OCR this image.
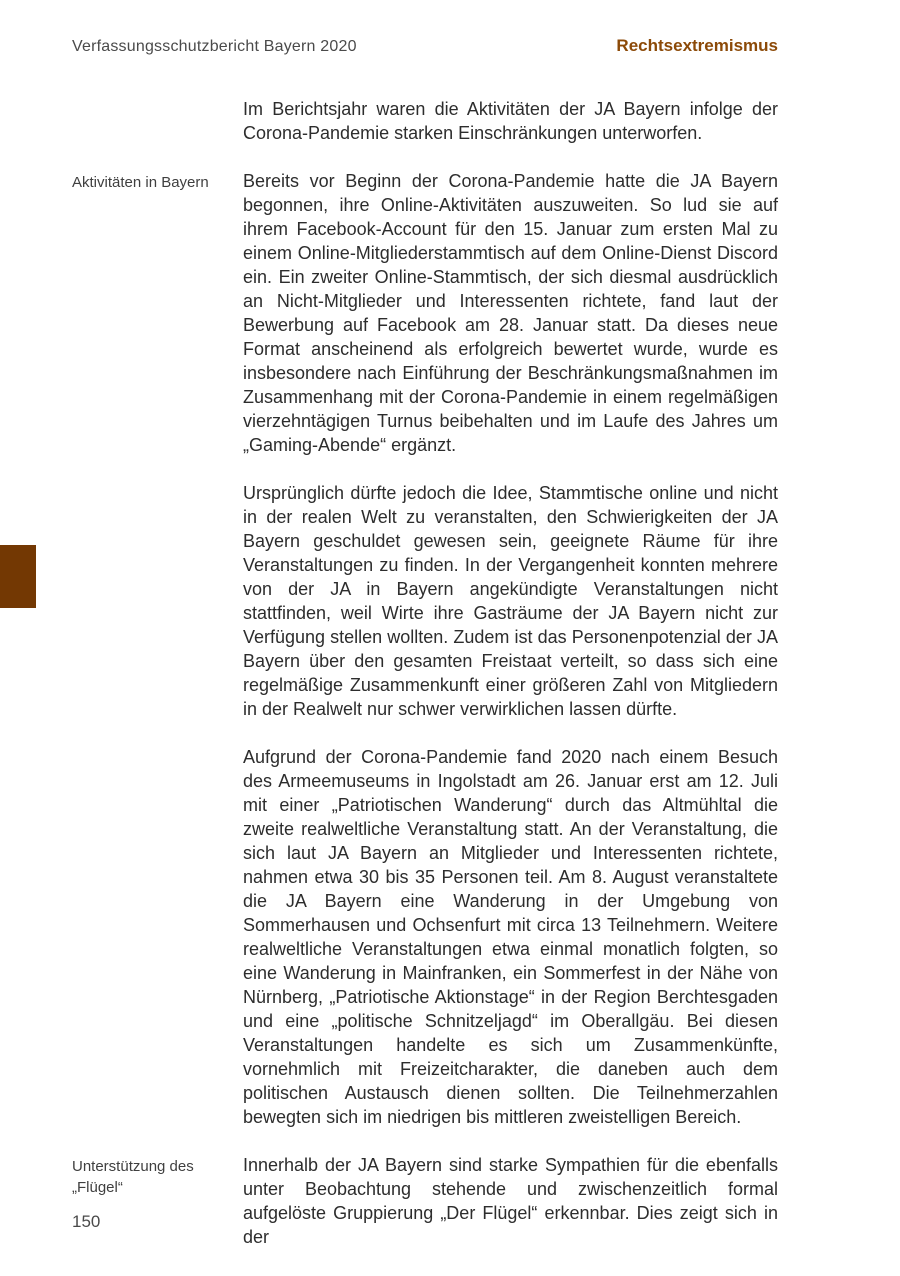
Verfassungsschutzbericht Bayern 2020	Rechtsextremismus

Im Berichtsjahr waren die Aktivitäten der JA Bayern infolge der Corona-Pandemie starken Einschränkungen unterworfen.

Aktivitäten in Bayern	Bereits vor Beginn der Corona-Pandemie hatte die JA Bayern begonnen, ihre Online-Aktivitäten auszuweiten. So lud sie auf ihrem Facebook-Account für den 15. Januar zum ersten Mal zu einem Online-Mitgliederstammtisch auf dem Online-Dienst Discord ein. Ein zweiter Online-Stammtisch, der sich diesmal ausdrücklich an Nicht-Mitglieder und Interessenten richtete, fand laut der Bewerbung auf Facebook am 28. Januar statt. Da dieses neue Format anscheinend als erfolgreich bewertet wurde, wurde es insbesondere nach Einführung der Beschränkungsmaßnahmen im Zusammenhang mit der Corona-Pandemie in einem regelmäßigen vierzehntägigen Turnus beibehalten und im Laufe des Jahres um „Gaming-Abende“ ergänzt.

Ursprünglich dürfte jedoch die Idee, Stammtische online und nicht in der realen Welt zu veranstalten, den Schwierigkeiten der JA Bayern geschuldet gewesen sein, geeignete Räume für ihre Veranstaltungen zu finden. In der Vergangenheit konnten mehrere von der JA in Bayern angekündigte Veranstaltungen nicht stattfinden, weil Wirte ihre Gasträume der JA Bayern nicht zur Verfügung stellen wollten. Zudem ist das Personenpotenzial der JA Bayern über den gesamten Freistaat verteilt, so dass sich eine regelmäßige Zusammenkunft einer größeren Zahl von Mitgliedern in der Realwelt nur schwer verwirklichen lassen dürfte.

Aufgrund der Corona-Pandemie fand 2020 nach einem Besuch des Armeemuseums in Ingolstadt am 26. Januar erst am 12. Juli mit einer „Patriotischen Wanderung“ durch das Altmühltal die zweite realweltliche Veranstaltung statt. An der Veranstaltung, die sich laut JA Bayern an Mitglieder und Interessenten richtete, nahmen etwa 30 bis 35 Personen teil. Am 8. August veranstaltete die JA Bayern eine Wanderung in der Umgebung von Sommerhausen und Ochsenfurt mit circa 13 Teilnehmern. Weitere realweltliche Veranstaltungen etwa einmal monatlich folgten, so eine Wanderung in Mainfranken, ein Sommerfest in der Nähe von Nürnberg, „Patriotische Aktionstage“ in der Region Berchtesgaden und eine „politische Schnitzeljagd“ im Oberallgäu. Bei diesen Veranstaltungen handelte es sich um Zusammenkünfte, vornehmlich mit Freizeitcharakter, die daneben auch dem politischen Austausch dienen sollten. Die Teilnehmerzahlen bewegten sich im niedrigen bis mittleren zweistelligen Bereich.

Unterstützung des „Flügel“

Innerhalb der JA Bayern sind starke Sympathien für die ebenfalls unter Beobachtung stehende und zwischenzeitlich formal aufgelöste Gruppierung „Der Flügel“ erkennbar. Dies zeigt sich in der

150
